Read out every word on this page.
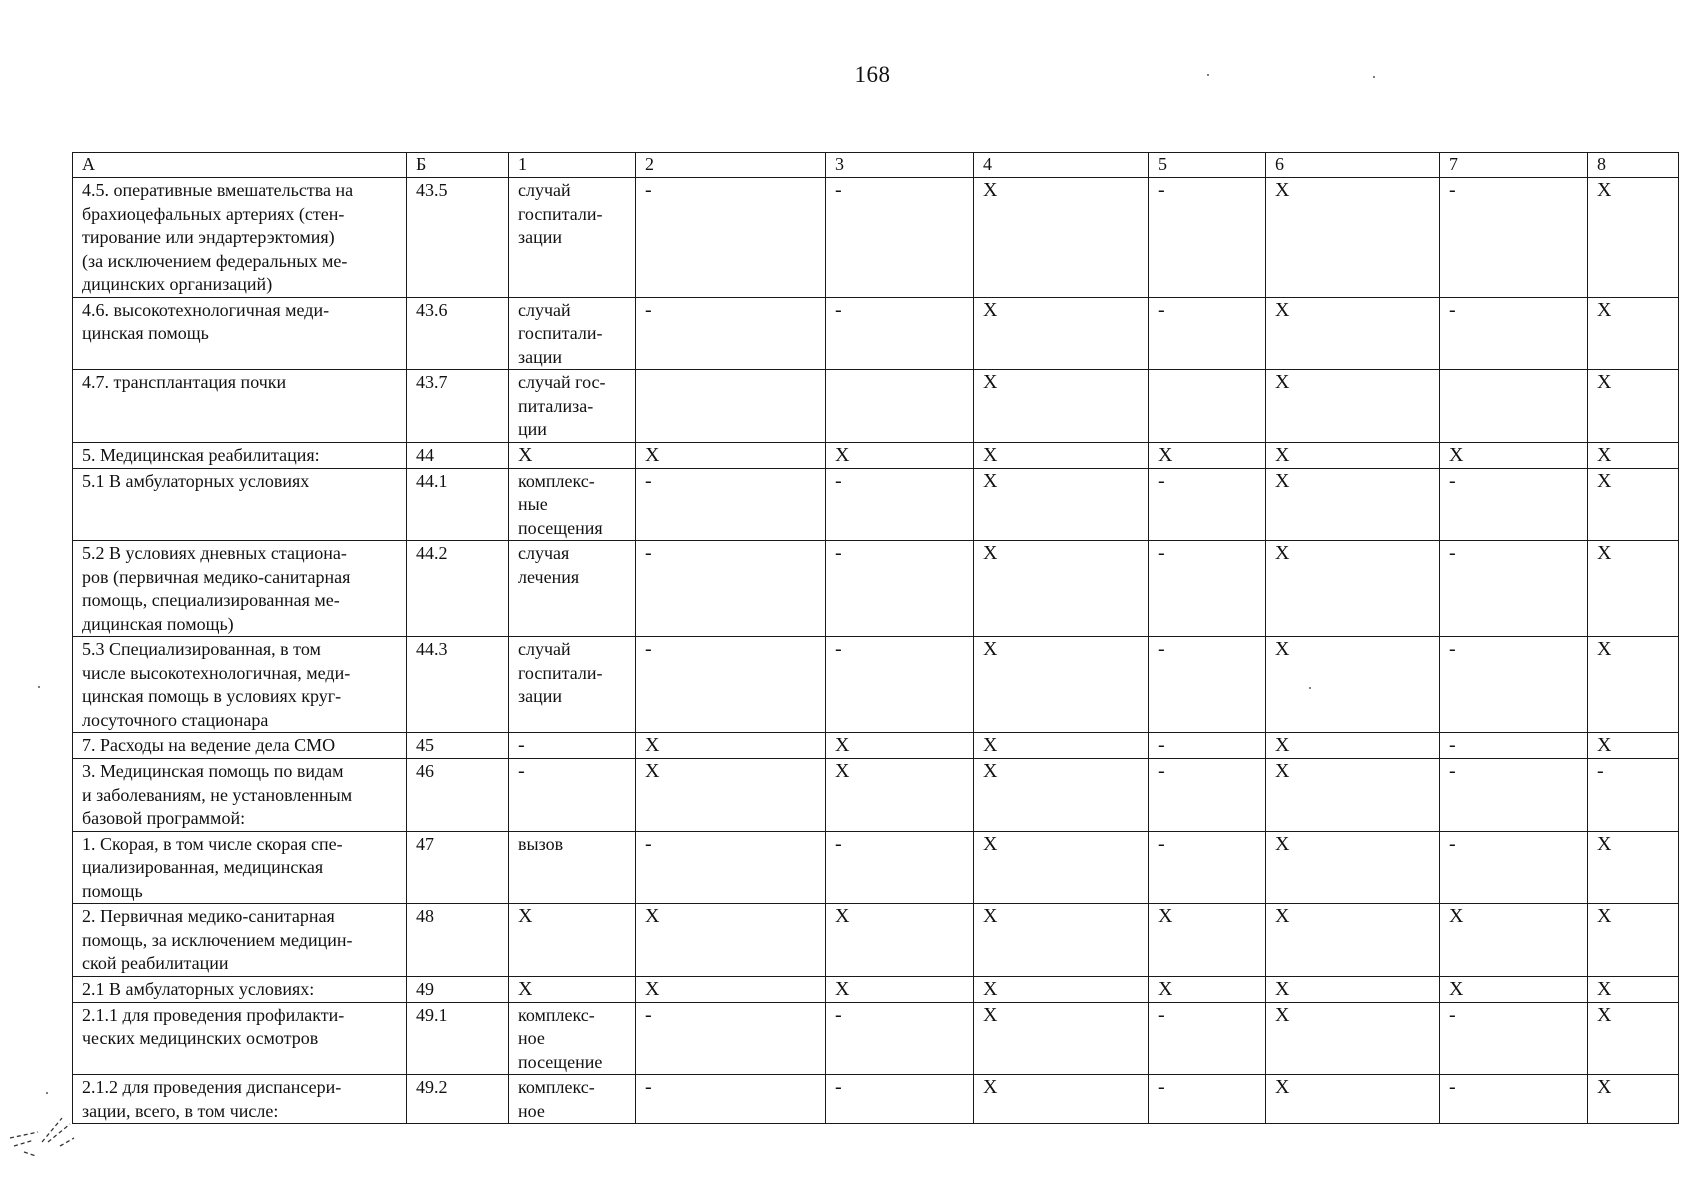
168
А	Б	1	2	3	4	5	6	7	8
4.5. оперативные вмешательства на
брахиоцефальных артериях (стен-
тирование или эндартерэктомия)
(за исключением федеральных ме-
дицинских организаций)	43.5	случай
госпитали-
зации	-	-	X	-	X	-	X
4.6. высокотехнологичная меди-
цинская помощь	43.6	случай
госпитали-
зации	-	-	X	-	X	-	X
4.7. трансплантация почки	43.7	случай гос-
питализа-
ции			X		X		X
5. Медицинская реабилитация:	44	X	X	X	X	X	X	X	X
5.1 В амбулаторных условиях	44.1	комплекс-
ные
посещения	-	-	X	-	X	-	X
5.2 В условиях дневных стациона-
ров (первичная медико-санитарная
помощь, специализированная ме-
дицинская помощь)	44.2	случая
лечения	-	-	X	-	X	-	X
5.3 Специализированная, в том
числе высокотехнологичная, меди-
цинская помощь в условиях круг-
лосуточного стационара	44.3	случай
госпитали-
зации	-	-	X	-	X	-	X
7. Расходы на ведение дела СМО	45	-	X	X	X	-	X	-	X
3. Медицинская помощь по видам
и заболеваниям, не установленным
базовой программой:	46	-	X	X	X	-	X	-	-
1. Скорая, в том числе скорая спе-
циализированная, медицинская
помощь	47	вызов	-	-	X	-	X	-	X
2. Первичная медико-санитарная
помощь, за исключением медицин-
ской реабилитации	48	X	X	X	X	X	X	X	X
2.1 В амбулаторных условиях:	49	X	X	X	X	X	X	X	X
2.1.1 для проведения профилакти-
ческих медицинских осмотров	49.1	комплекс-
ное
посещение	-	-	X	-	X	-	X
2.1.2 для проведения диспансери-
зации, всего, в том числе:	49.2	комплекс-
ное	-	-	X	-	X	-	X
